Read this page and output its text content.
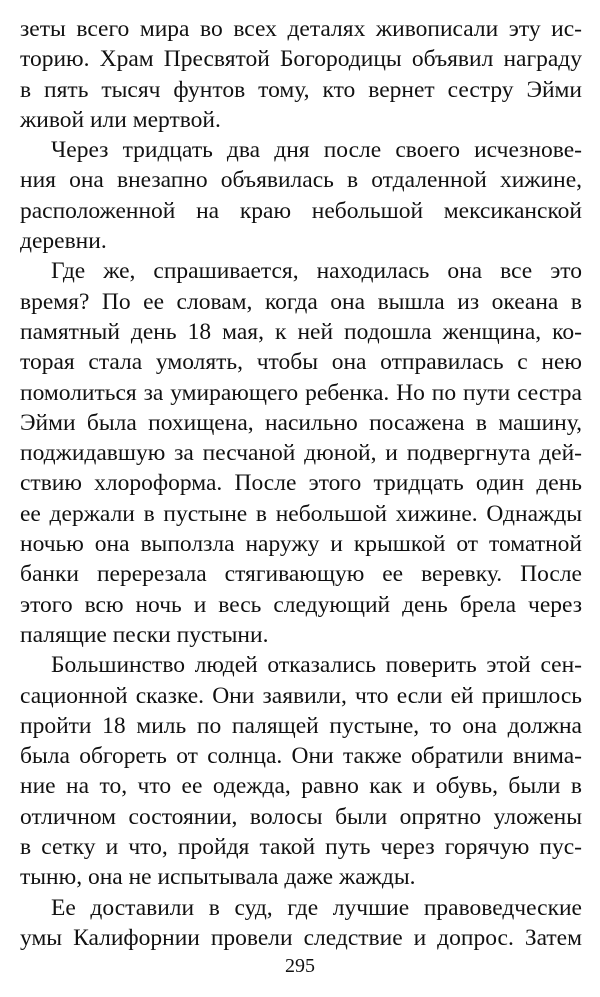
зеты всего мира во всех деталях живописали эту ис-
торию. Храм Пресвятой Богородицы объявил награду
в пять тысяч фунтов тому, кто вернет сестру Эйми
живой или мертвой.
Через тридцать два дня после своего исчезнове-
ния она внезапно объявилась в отдаленной хижине,
расположенной на краю небольшой мексиканской
деревни.
Где же, спрашивается, находилась она все это
время? По ее словам, когда она вышла из океана в
памятный день 18 мая, к ней подошла женщина, ко-
торая стала умолять, чтобы она отправилась с нею
помолиться за умирающего ребенка. Но по пути сестра
Эйми была похищена, насильно посажена в машину,
поджидавшую за песчаной дюной, и подвергнута дей-
ствию хлороформа. После этого тридцать один день
ее держали в пустыне в небольшой хижине. Однажды
ночью она выползла наружу и крышкой от томатной
банки перерезала стягивающую ее веревку. После
этого всю ночь и весь следующий день брела через
палящие пески пустыни.
Большинство людей отказались поверить этой сен-
сационной сказке. Они заявили, что если ей пришлось
пройти 18 миль по палящей пустыне, то она должна
была обгореть от солнца. Они также обратили внима-
ние на то, что ее одежда, равно как и обувь, были в
отличном состоянии, волосы были опрятно уложены
в сетку и что, пройдя такой путь через горячую пус-
тыню, она не испытывала даже жажды.
Ее доставили в суд, где лучшие правоведческие
умы Калифорнии провели следствие и допрос. Затем
295
